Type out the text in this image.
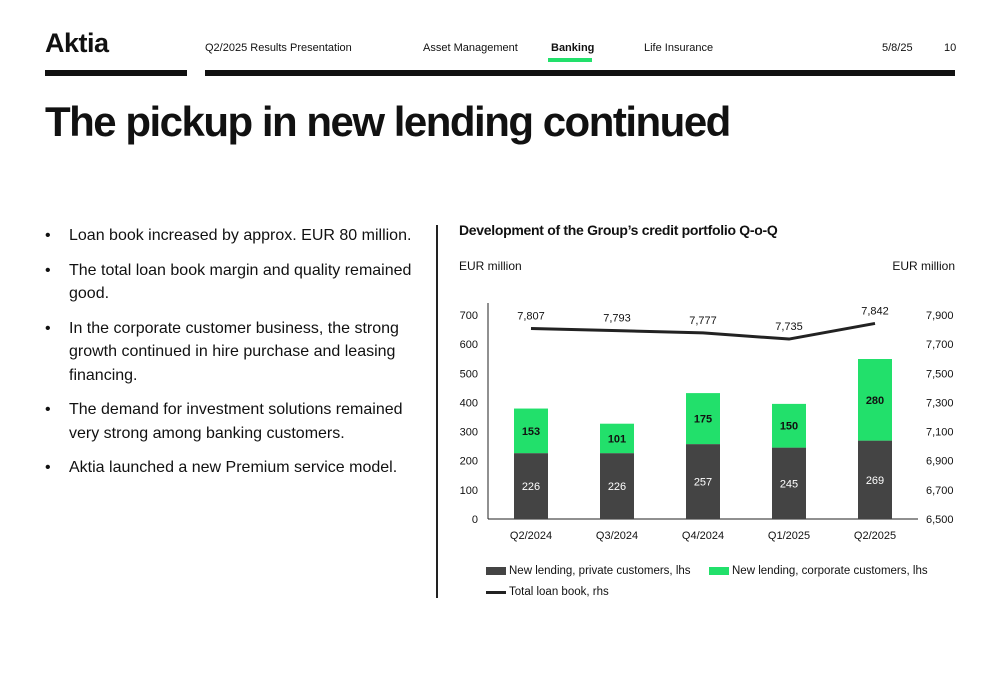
Aktia	Q2/2025 Results Presentation	Asset Management	Banking	Life Insurance	5/8/25	10
The pickup in new lending continued
• Loan book increased by approx. EUR 80 million.
• The total loan book margin and quality remained good.
• In the corporate customer business, the strong growth continued in hire purchase and leasing financing.
• The demand for investment solutions remained very strong among banking customers.
• Aktia launched a new Premium service model.
Development of the Group’s credit portfolio Q-o-Q
EUR million	EUR million
0
100
200
300
400
500
600
700
6,500
6,700
6,900
7,100
7,300
7,500
7,700
7,900
226
153
Q2/2024
226
101
Q3/2024
257
175
Q4/2024
245
150
Q1/2025
269
280
Q2/2025
7,807	7,793	7,777
7,735
7,842
New lending, private customers, lhs	New lending, corporate customers, lhs
Total loan book, rhs
